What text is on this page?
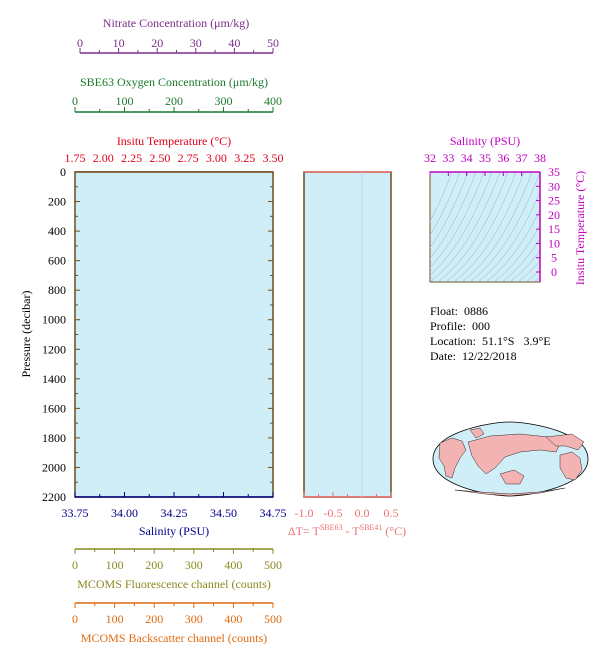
Nitrate Concentration (μm/kg)
0 10 20 30 40 50
SBE63 Oxygen Concentration (μm/kg)
0	100	200	300	400
Insitu Temperature (°C)
1.75 2.00 2.25 2.50 2.75 3.00 3.25 3.50
0
200
400
600
800
1000
1200
1400
1600
1800
2000
2200
Pressure (decibar)
Salinity (PSU)
33.75 34.00 34.25 34.50 34.75
$\Delta T= T^{SBE63} - T^{SBE41}$ (°C)
-1.0 -0.5 0.0 0.5
MCOMS Fluorescence channel (counts)
0 100 200 300 400 500
MCOMS Backscatter channel (counts)
0 100 200 300 400 500
Salinity (PSU)
32 33 34 35 36 37 38
0
5
10
15
20
25
30
35 Insitu Temperature (°C)
Float:  0886
Profile:  000
Location:  51.1°S   3.9°E
Date:  12/22/2018
